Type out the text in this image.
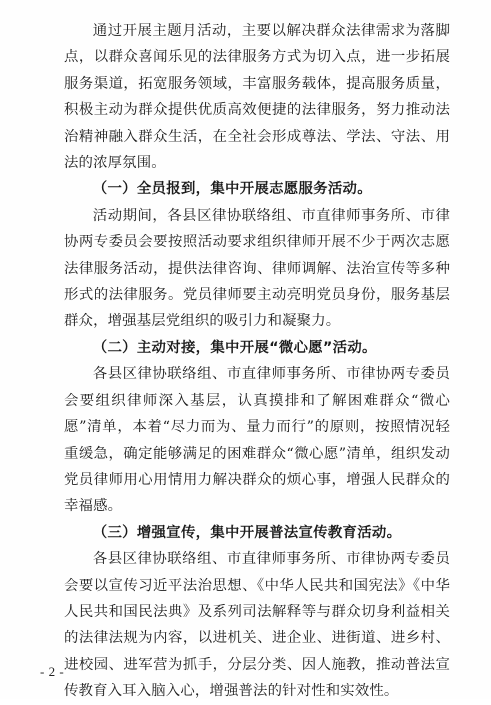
通过开展主题月活动，主要以解决群众法律需求为落脚点，以群众喜闻乐见的法律服务方式为切入点，进一步拓展服务渠道，拓宽服务领域，丰富服务载体，提高服务质量，积极主动为群众提供优质高效便捷的法律服务，努力推动法治精神融入群众生活，在全社会形成尊法、学法、守法、用法的浓厚氛围。

（一）全员报到，集中开展志愿服务活动。

活动期间，各县区律协联络组、市直律师事务所、市律协两专委员会要按照活动要求组织律师开展不少于两次志愿法律服务活动，提供法律咨询、律师调解、法治宣传等多种形式的法律服务。党员律师要主动亮明党员身份，服务基层群众，增强基层党组织的吸引力和凝聚力。

（二）主动对接，集中开展“微心愿”活动。

各县区律协联络组、市直律师事务所、市律协两专委员会要组织律师深入基层，认真摸排和了解困难群众“微心愿”清单，本着“尽力而为、量力而行”的原则，按照情况轻重缓急，确定能够满足的困难群众“微心愿”清单，组织发动党员律师用心用情用力解决群众的烦心事，增强人民群众的幸福感。

（三）增强宣传，集中开展普法宣传教育活动。

各县区律协联络组、市直律师事务所、市律协两专委员会要以宣传习近平法治思想、《中华人民共和国宪法》《中华人民共和国民法典》及系列司法解释等与群众切身利益相关的法律法规为内容，以进机关、进企业、进街道、进乡村、进校园、进军营为抓手，分层分类、因人施教，推动普法宣传教育入耳入脑入心，增强普法的针对性和实效性。

- 2 -
